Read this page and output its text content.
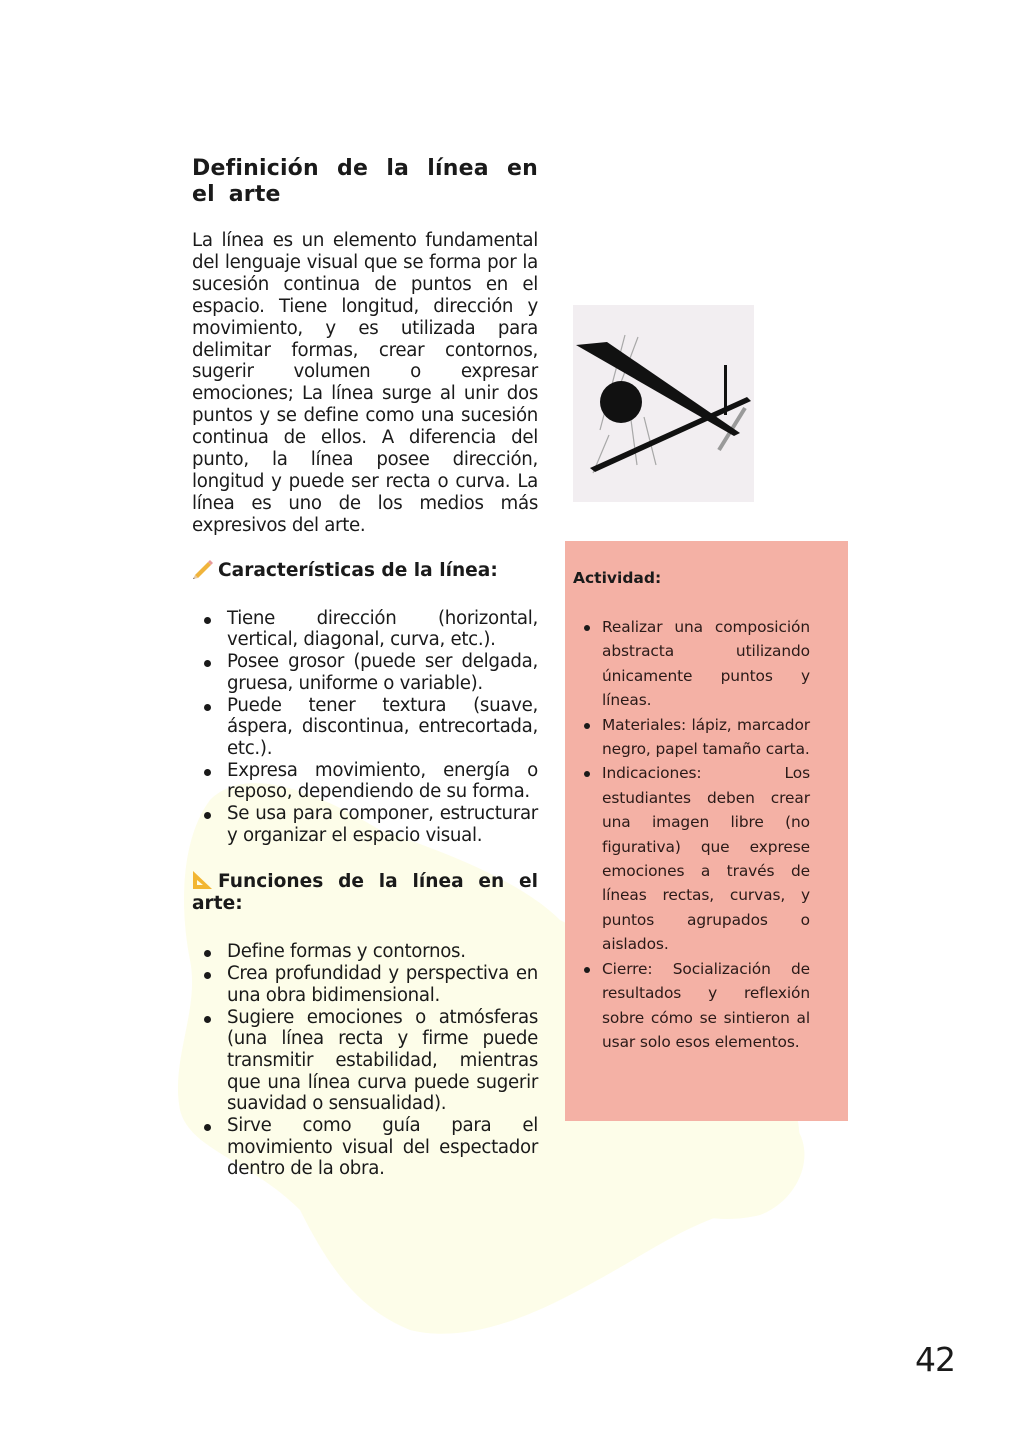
Definición de la línea en el arte

La línea es un elemento fundamental del lenguaje visual que se forma por la sucesión continua de puntos en el espacio. Tiene longitud, dirección y movimiento, y es utilizada para delimitar formas, crear contornos, sugerir volumen o expresar emociones; La línea surge al unir dos puntos y se define como una sucesión continua de ellos. A diferencia del punto, la línea posee dirección, longitud y puede ser recta o curva. La línea es uno de los medios más expresivos del arte.

Características de la línea:
Tiene dirección (horizontal, vertical, diagonal, curva, etc.).
Posee grosor (puede ser delgada, gruesa, uniforme o variable).
Puede tener textura (suave, áspera, discontinua, entrecortada, etc.).
Expresa movimiento, energía o reposo, dependiendo de su forma.
Se usa para componer, estructurar y organizar el espacio visual.
Funciones de la línea en el arte:
Define formas y contornos.
Crea profundidad y perspectiva en una obra bidimensional.
Sugiere emociones o atmósferas (una línea recta y firme puede transmitir estabilidad, mientras que una línea curva puede sugerir suavidad o sensualidad).
Sirve como guía para el movimiento visual del espectador dentro de la obra.
Actividad:
Realizar una composición abstracta utilizando únicamente puntos y líneas.
Materiales: lápiz, marcador negro, papel tamaño carta.
Indicaciones: Los estudiantes deben crear una imagen libre (no figurativa) que exprese emociones a través de líneas rectas, curvas, y puntos agrupados o aislados.
Cierre: Socialización de resultados y reflexión sobre cómo se sintieron al usar solo esos elementos.
42
